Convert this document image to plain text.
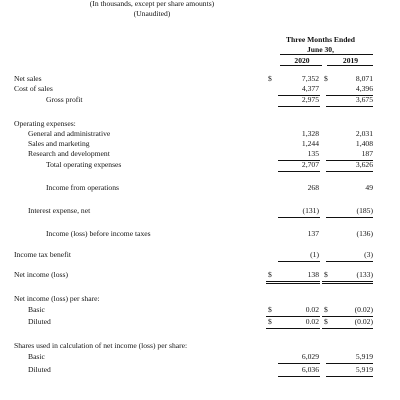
(In thousands, except per share amounts)
(Unaudited)
Three Months Ended
June 30,
2020	2019
Net sales	$	7,352 $	8,071
Cost of sales	4,377	4,396
Gross profit	2,975	3,675
Operating expenses:
General and administrative	1,328	2,031
Sales and marketing	1,244	1,408
Research and development	135	187
Total operating expenses	2,707	3,626
Income from operations	268	49
Interest expense, net	(131)	(185)
Income (loss) before income taxes	137	(136)
Income tax benefit	(1)	(3)
Net income (loss)	$	138 $	(133)
Net income (loss) per share:
Basic	$	0.02 $	(0.02)
Diluted	$	0.02 $	(0.02)
Shares used in calculation of net income (loss) per share:
Basic	6,029	5,919
Diluted	6,036	5,919
